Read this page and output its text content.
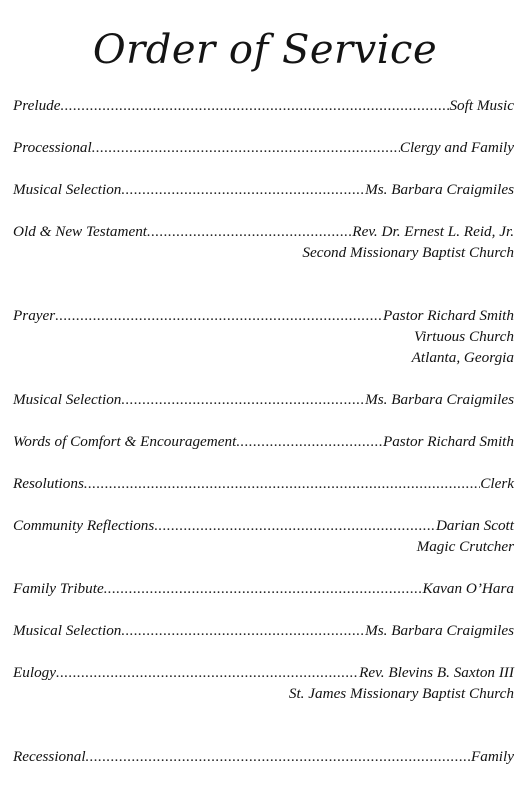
Order of Service
Prelude .....	Soft Music
Processional .....	Clergy and Family
Musical Selection .....	Ms. Barbara Craigmiles
Old & New Testament .....	Rev. Dr. Ernest L. Reid, Jr.
Second Missionary Baptist Church
Prayer .....	Pastor Richard Smith
Virtuous Church
Atlanta, Georgia
Musical Selection .....	Ms. Barbara Craigmiles
Words of Comfort & Encouragement .....	Pastor Richard Smith
Resolutions .....	Clerk
Community Reflections .....	Darian Scott
Magic Crutcher
Family Tribute .....	Kavan O’Hara
Musical Selection .....	Ms. Barbara Craigmiles
Eulogy .....	Rev. Blevins B. Saxton III
St. James Missionary Baptist Church
Recessional .....	Family
